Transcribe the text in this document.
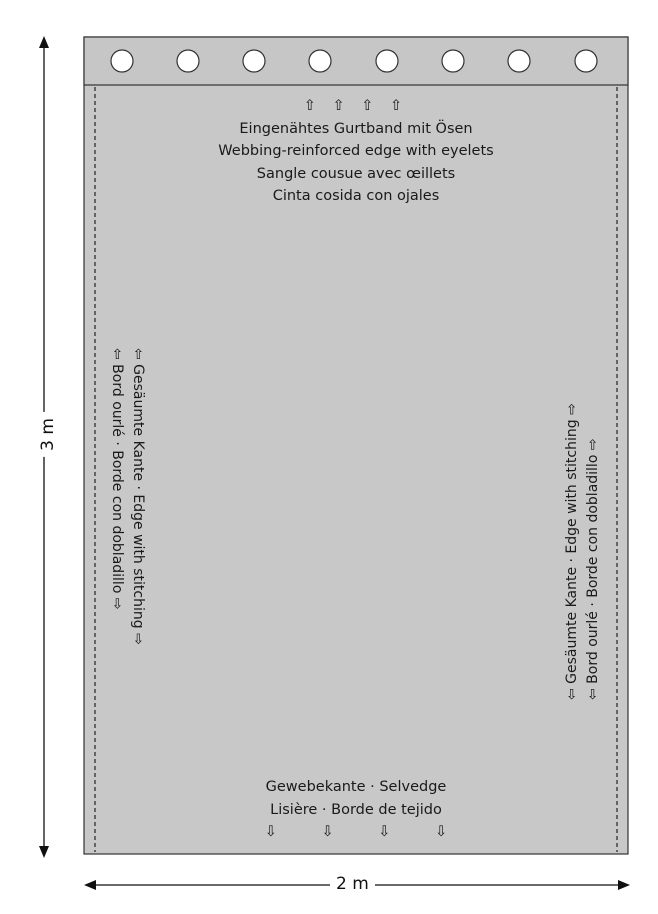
⇧ ⇧ ⇧ ⇧
Eingenähtes Gurtband mit Ösen
Webbing-reinforced edge with eyelets
Sangle cousue avec œillets
Cinta cosida con ojales
⇦ Gesäumte Kante · Edge with stitching ⇨
⇦ Bord ourlé · Borde con dobladillo ⇨	⇦ Gesäumte Kante · Edge with stitching ⇨ ⇦ Bord ourlé · Borde con dobladillo ⇨
Gewebekante · Selvedge
Lisière · Borde de tejido
⇩ ⇩ ⇩ ⇩
3 m
2 m
